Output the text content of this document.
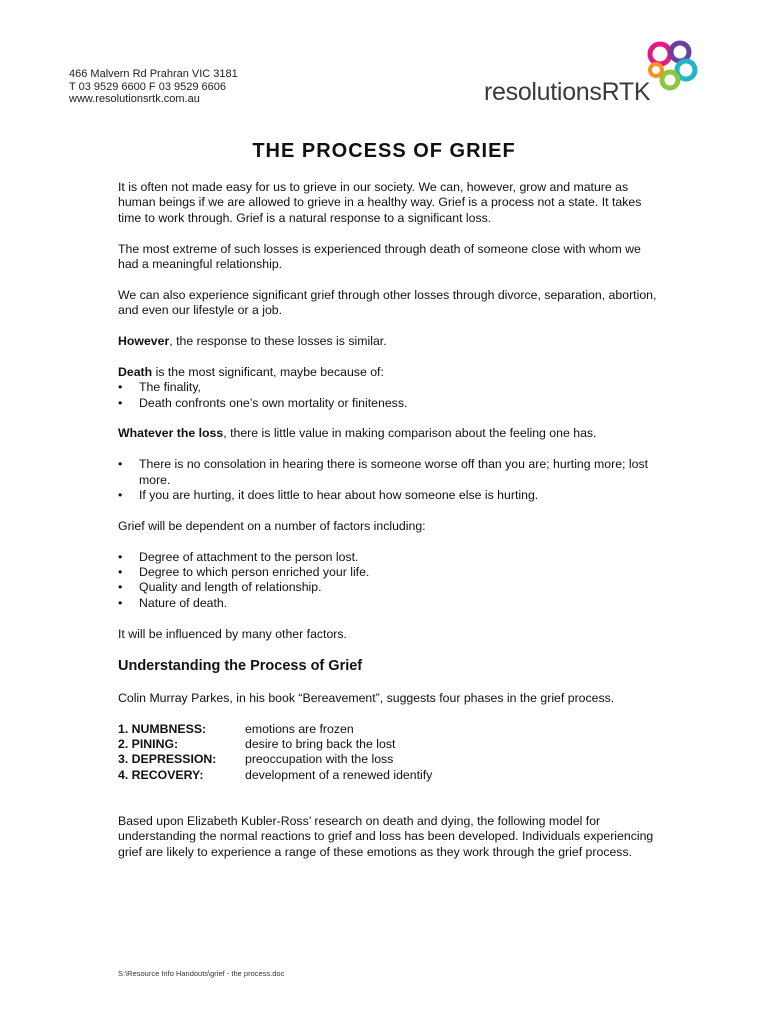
466 Malvern Rd Prahran VIC 3181
T 03 9529 6600 F 03 9529 6606
www.resolutionsrtk.com.au	resolutionsRTK
THE PROCESS OF GRIEF

It is often not made easy for us to grieve in our society. We can, however, grow and mature as human beings if we are allowed to grieve in a healthy way. Grief is a process not a state. It takes time to work through. Grief is a natural response to a significant loss.

The most extreme of such losses is experienced through death of someone close with whom we had a meaningful relationship.

We can also experience significant grief through other losses through divorce, separation, abortion, and even our lifestyle or a job.

However, the response to these losses is similar.

Death is the most significant, maybe because of:

• The finality,
• Death confronts one’s own mortality or finiteness.

Whatever the loss, there is little value in making comparison about the feeling one has.

• There is no consolation in hearing there is someone worse off than you are; hurting more; lost more.
• If you are hurting, it does little to hear about how someone else is hurting.

Grief will be dependent on a number of factors including:

• Degree of attachment to the person lost.
• Degree to which person enriched your life.
• Quality and length of relationship.
• Nature of death.

It will be influenced by many other factors.

Understanding the Process of Grief

Colin Murray Parkes, in his book “Bereavement”, suggests four phases in the grief process.

1. NUMBNESS:	emotions are frozen
2. PINING:	desire to bring back the lost
3. DEPRESSION:	preoccupation with the loss
4. RECOVERY:	development of a renewed identify

Based upon Elizabeth Kubler-Ross’ research on death and dying, the following model for understanding the normal reactions to grief and loss has been developed. Individuals experiencing grief are likely to experience a range of these emotions as they work through the grief process.

S:\Resource Info Handouts\grief - the process.doc
